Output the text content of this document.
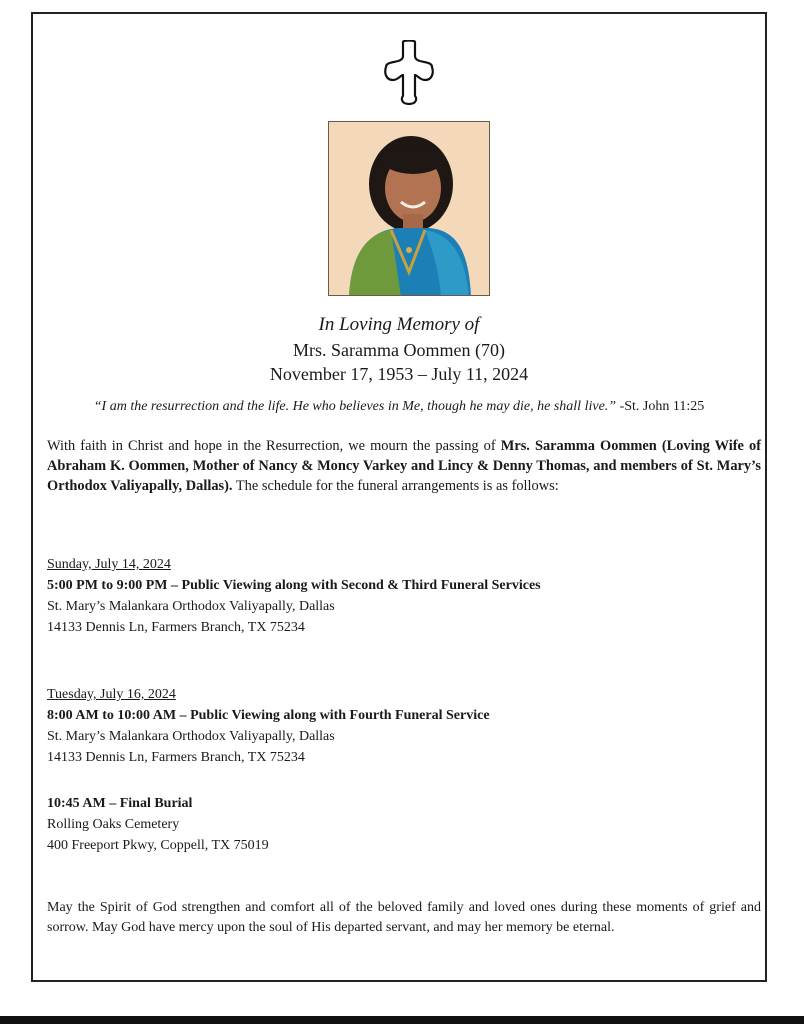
In Loving Memory of
Mrs. Saramma Oommen (70)
November 17, 1953 – July 11, 2024
“I am the resurrection and the life. He who believes in Me, though he may die, he shall live.” -St. John 11:25
With faith in Christ and hope in the Resurrection, we mourn the passing of Mrs. Saramma Oommen (Loving Wife of Abraham K. Oommen, Mother of Nancy & Moncy Varkey and Lincy & Denny Thomas, and members of St. Mary’s Orthodox Valiyapally, Dallas). The schedule for the funeral arrangements is as follows:
Sunday, July 14, 2024
5:00 PM to 9:00 PM – Public Viewing along with Second & Third Funeral Services
St. Mary’s Malankara Orthodox Valiyapally, Dallas
14133 Dennis Ln, Farmers Branch, TX 75234
Tuesday, July 16, 2024
8:00 AM to 10:00 AM – Public Viewing along with Fourth Funeral Service
St. Mary’s Malankara Orthodox Valiyapally, Dallas
14133 Dennis Ln, Farmers Branch, TX 75234
10:45 AM – Final Burial
Rolling Oaks Cemetery
400 Freeport Pkwy, Coppell, TX 75019
May the Spirit of God strengthen and comfort all of the beloved family and loved ones during these moments of grief and sorrow. May God have mercy upon the soul of His departed servant, and may her memory be eternal.
